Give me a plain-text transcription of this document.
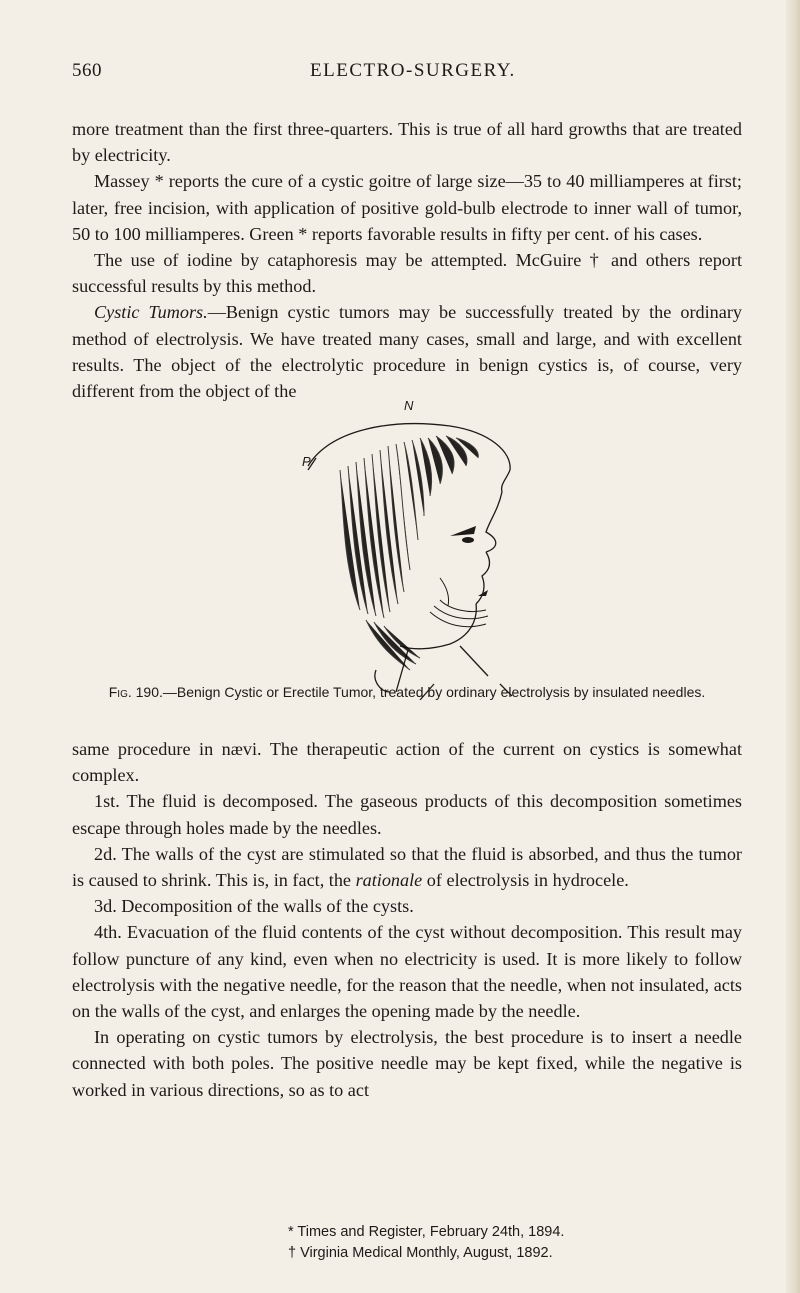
560	ELECTRO-SURGERY.

more treatment than the first three-quarters. This is true of all hard growths that are treated by electricity.

Massey * reports the cure of a cystic goitre of large size—35 to 40 milliamperes at first; later, free incision, with application of positive gold-bulb electrode to inner wall of tumor, 50 to 100 milliamperes. Green * reports favorable results in fifty per cent. of his cases.

The use of iodine by cataphoresis may be attempted. McGuire † and others report successful results by this method.

Cystic Tumors.—Benign cystic tumors may be successfully treated by the ordinary method of electrolysis. We have treated many cases, small and large, and with excellent results. The object of the electrolytic procedure in benign cystics is, of course, very different from the object of the

N
P
Fig. 190.—Benign Cystic or Erectile Tumor, treated by ordinary electrolysis by insulated needles.

same procedure in nævi. The therapeutic action of the current on cystics is somewhat complex.

1st. The fluid is decomposed. The gaseous products of this decomposition sometimes escape through holes made by the needles.

2d. The walls of the cyst are stimulated so that the fluid is absorbed, and thus the tumor is caused to shrink. This is, in fact, the rationale of electrolysis in hydrocele.

3d. Decomposition of the walls of the cysts.

4th. Evacuation of the fluid contents of the cyst without decomposition. This result may follow puncture of any kind, even when no electricity is used. It is more likely to follow electrolysis with the negative needle, for the reason that the needle, when not insulated, acts on the walls of the cyst, and enlarges the opening made by the needle.

In operating on cystic tumors by electrolysis, the best procedure is to insert a needle connected with both poles. The positive needle may be kept fixed, while the negative is worked in various directions, so as to act

* Times and Register, February 24th, 1894.
† Virginia Medical Monthly, August, 1892.
